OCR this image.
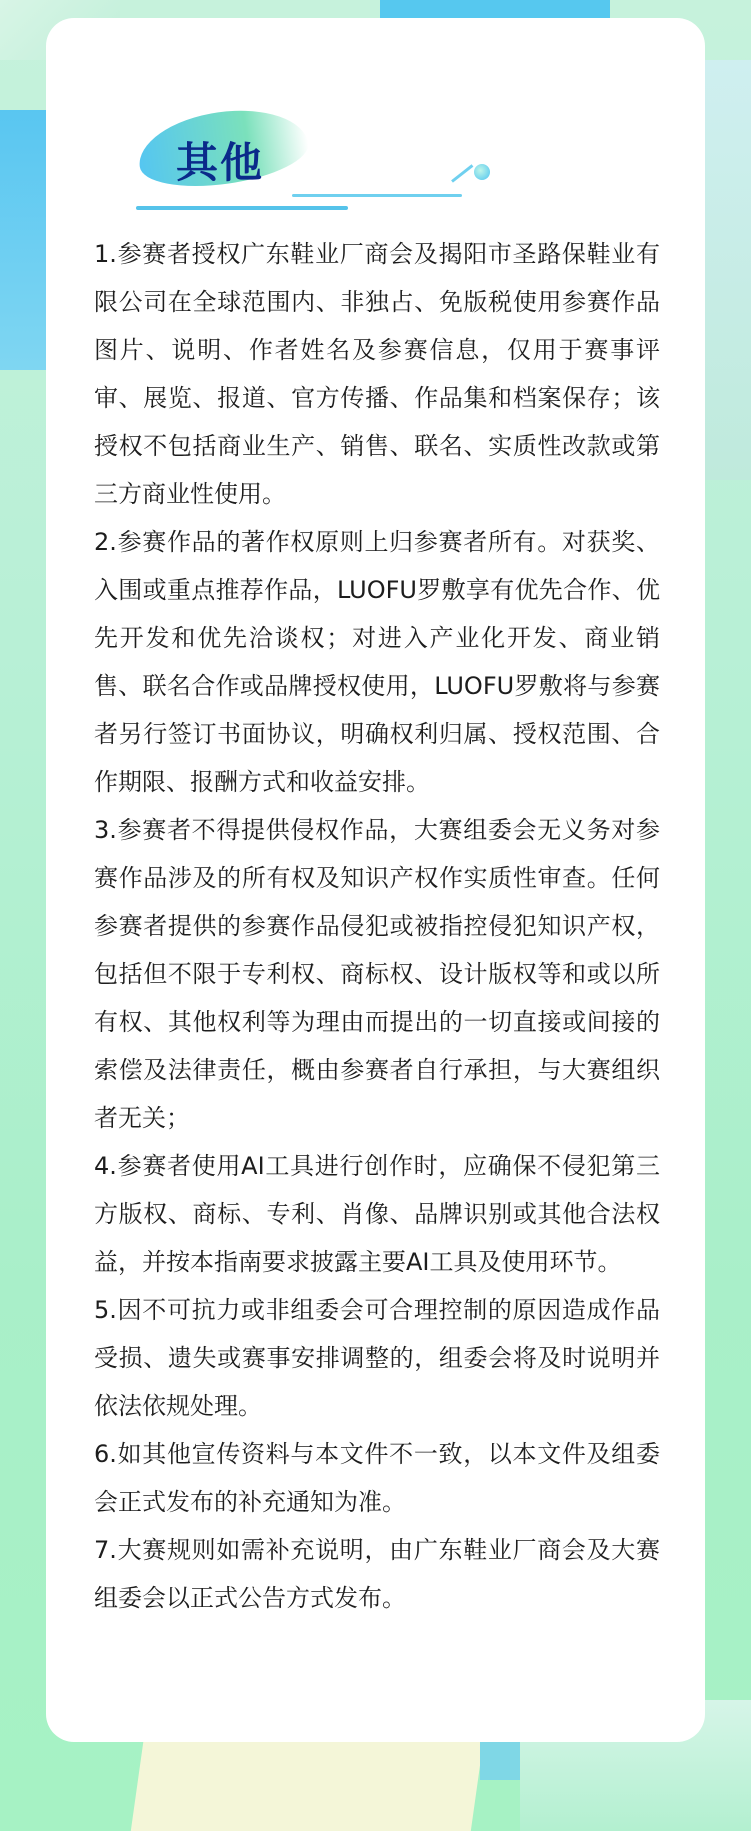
其他

1.参赛者授权广东鞋业厂商会及揭阳市圣路保鞋业有限公司在全球范围内、非独占、免版税使用参赛作品图片、说明、作者姓名及参赛信息，仅用于赛事评审、展览、报道、官方传播、作品集和档案保存；该授权不包括商业生产、销售、联名、实质性改款或第三方商业性使用。

2.参赛作品的著作权原则上归参赛者所有。对获奖、入围或重点推荐作品，LUOFU罗敷享有优先合作、优先开发和优先洽谈权；对进入产业化开发、商业销售、联名合作或品牌授权使用，LUOFU罗敷将与参赛者另行签订书面协议，明确权利归属、授权范围、合作期限、报酬方式和收益安排。

3.参赛者不得提供侵权作品，大赛组委会无义务对参赛作品涉及的所有权及知识产权作实质性审查。任何参赛者提供的参赛作品侵犯或被指控侵犯知识产权，包括但不限于专利权、商标权、设计版权等和或以所有权、其他权利等为理由而提出的一切直接或间接的索偿及法律责任，概由参赛者自行承担，与大赛组织者无关；

4.参赛者使用AI工具进行创作时，应确保不侵犯第三方版权、商标、专利、肖像、品牌识别或其他合法权益，并按本指南要求披露主要AI工具及使用环节。

5.因不可抗力或非组委会可合理控制的原因造成作品受损、遗失或赛事安排调整的，组委会将及时说明并依法依规处理。

6.如其他宣传资料与本文件不一致，以本文件及组委会正式发布的补充通知为准。

7.大赛规则如需补充说明，由广东鞋业厂商会及大赛组委会以正式公告方式发布。
